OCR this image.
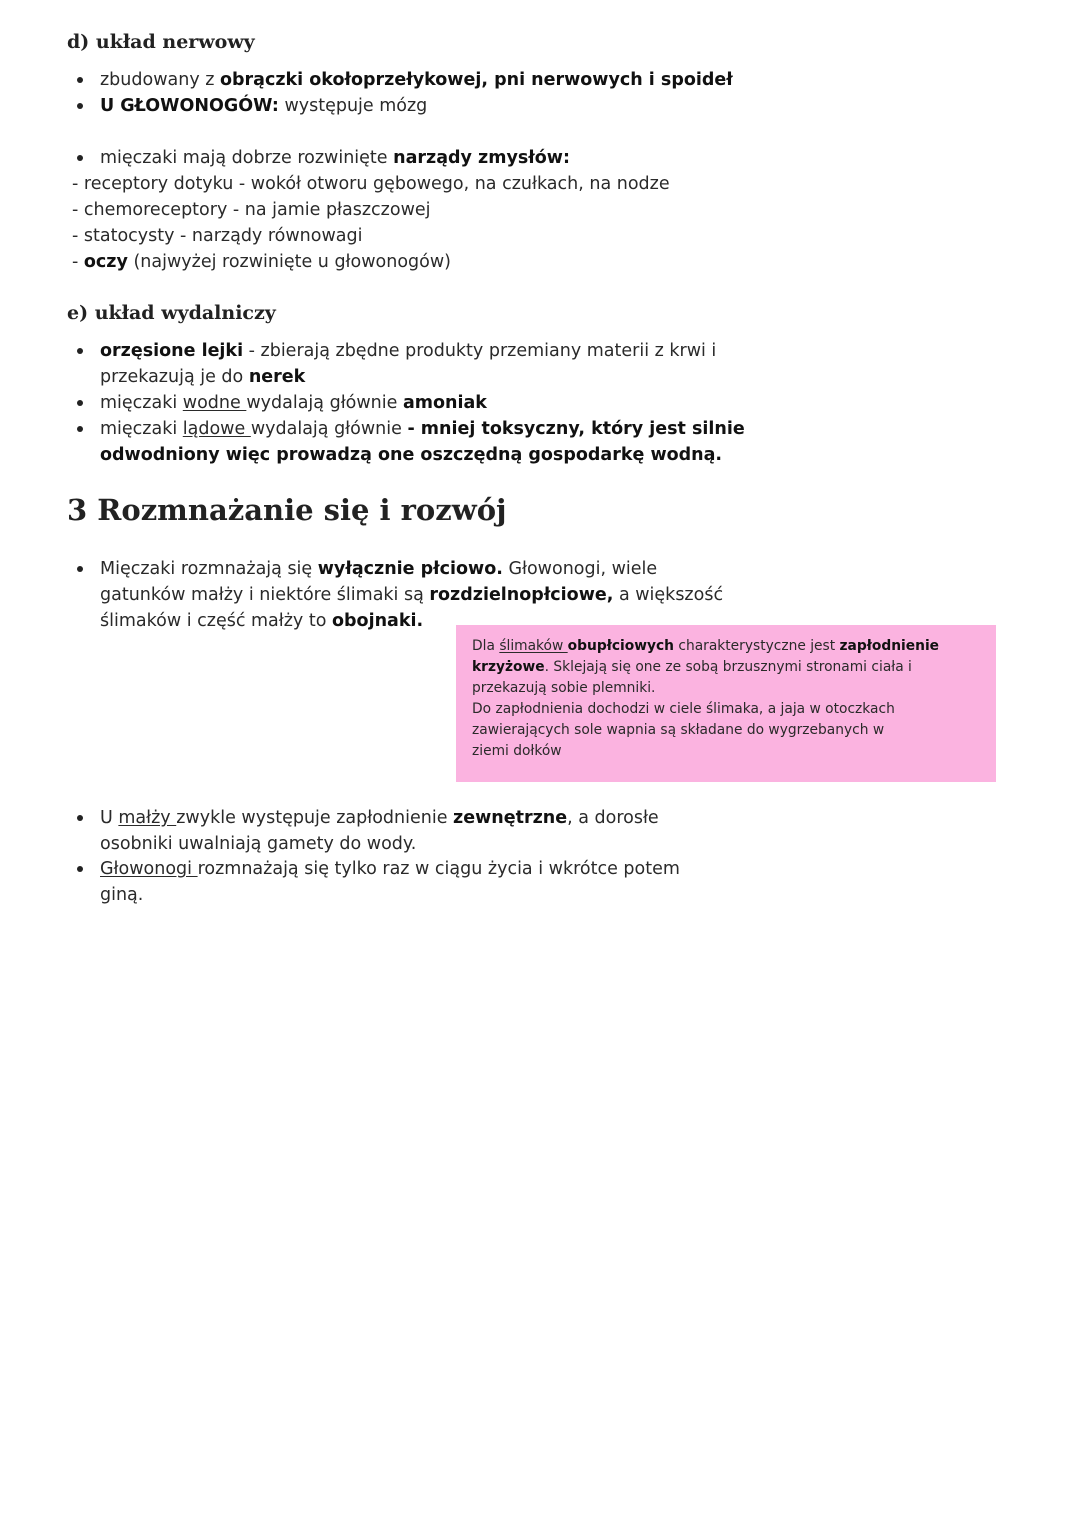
d) układ nerwowy
zbudowany z obrączki okołoprzełykowej, pni nerwowych i spoideł
U GŁOWONOGÓW: występuje mózg
mięczaki mają dobrze rozwinięte narządy zmysłów:
- receptory dotyku - wokół otworu gębowego, na czułkach, na nodze
- chemoreceptory - na jamie płaszczowej
- statocysty - narządy równowagi
- oczy (najwyżej rozwinięte u głowonogów)
e) układ wydalniczy
orzęsione lejki - zbierają zbędne produkty przemiany materii z krwi i
przekazują je do nerek
mięczaki wodne wydalają głównie amoniak
mięczaki lądowe wydalają głównie - mniej toksyczny, który jest silnie
odwodniony więc prowadzą one oszczędną gospodarkę wodną.
3 Rozmnażanie się i rozwój
Mięczaki rozmnażają się wyłącznie płciowo. Głowonogi, wiele
gatunków małży i niektóre ślimaki są rozdzielnopłciowe, a większość
ślimaków i część małży to obojnaki.
Dla ślimaków obupłciowych charakterystyczne jest zapłodnienie
krzyżowe. Sklejają się one ze sobą brzusznymi stronami ciała i
przekazują sobie plemniki.
Do zapłodnienia dochodzi w ciele ślimaka, a jaja w otoczkach
zawierających sole wapnia są składane do wygrzebanych w
ziemi dołków
U małży zwykle występuje zapłodnienie zewnętrzne, a dorosłe
osobniki uwalniają gamety do wody.
Głowonogi rozmnażają się tylko raz w ciągu życia i wkrótce potem
giną.
